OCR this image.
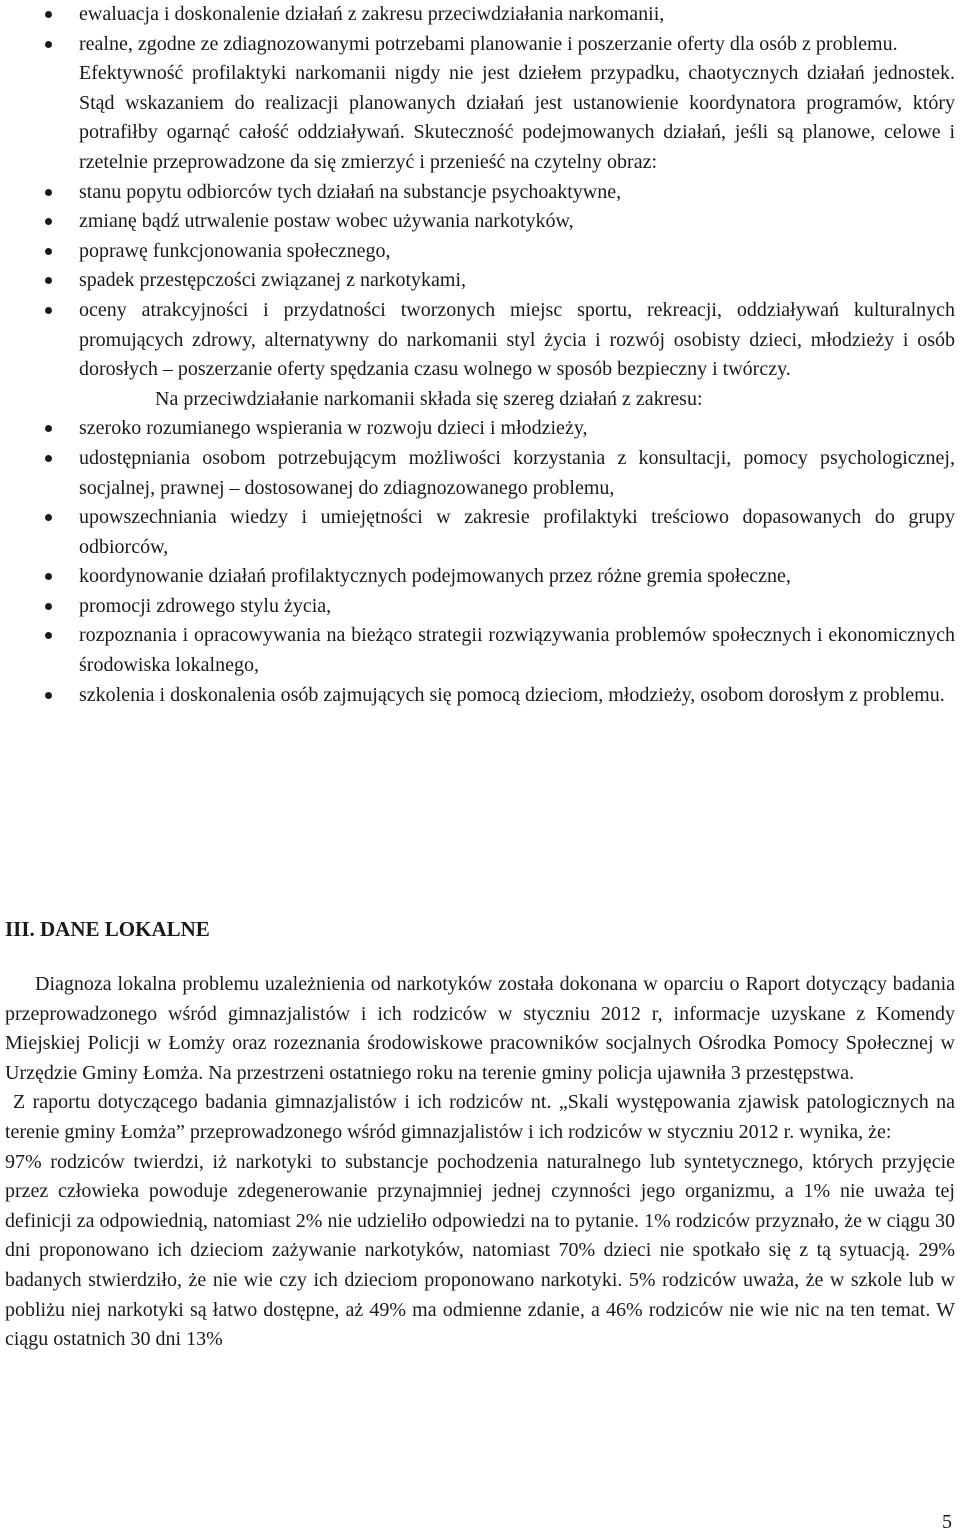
ewaluacja i doskonalenie działań z zakresu przeciwdziałania narkomanii,
realne, zgodne ze zdiagnozowanymi potrzebami planowanie i poszerzanie oferty dla osób z problemu.
Efektywność profilaktyki narkomanii nigdy nie jest dziełem przypadku, chaotycznych działań jednostek. Stąd wskazaniem do realizacji planowanych działań jest ustanowienie koordynatora programów, który potrafiłby ogarnąć całość oddziaływań. Skuteczność podejmowanych działań, jeśli są planowe, celowe i rzetelnie przeprowadzone da się zmierzyć i przenieść na czytelny obraz:
stanu popytu odbiorców tych działań na substancje psychoaktywne,
zmianę bądź utrwalenie postaw wobec używania narkotyków,
poprawę funkcjonowania społecznego,
spadek przestępczości związanej z narkotykami,
oceny atrakcyjności i przydatności tworzonych miejsc sportu, rekreacji, oddziaływań kulturalnych promujących zdrowy, alternatywny do narkomanii styl życia i rozwój osobisty dzieci, młodzieży i osób dorosłych – poszerzanie oferty spędzania czasu wolnego w sposób bezpieczny i twórczy.
Na przeciwdziałanie narkomanii składa się szereg działań z zakresu:
szeroko rozumianego wspierania w rozwoju dzieci i młodzieży,
udostępniania osobom potrzebującym możliwości korzystania z konsultacji, pomocy psychologicznej, socjalnej, prawnej – dostosowanej do zdiagnozowanego problemu,
upowszechniania wiedzy i umiejętności w zakresie profilaktyki treściowo dopasowanych do grupy odbiorców,
koordynowanie działań profilaktycznych podejmowanych przez różne gremia społeczne,
promocji zdrowego stylu życia,
rozpoznania i opracowywania na bieżąco strategii rozwiązywania problemów społecznych i ekonomicznych środowiska lokalnego,
szkolenia i doskonalenia osób zajmujących się pomocą dzieciom, młodzieży, osobom dorosłym z problemu.
III. DANE LOKALNE
Diagnoza lokalna problemu uzależnienia od narkotyków została dokonana w oparciu o Raport dotyczący badania przeprowadzonego wśród gimnazjalistów i ich rodziców w styczniu 2012 r, informacje uzyskane z Komendy Miejskiej Policji w Łomży oraz rozeznania środowiskowe pracowników socjalnych Ośrodka Pomocy Społecznej w Urzędzie Gminy Łomża. Na przestrzeni ostatniego roku na terenie gminy policja ujawniła 3 przestępstwa.
Z raportu dotyczącego badania gimnazjalistów i ich rodziców nt. „Skali występowania zjawisk patologicznych na terenie gminy Łomża” przeprowadzonego wśród gimnazjalistów i ich rodziców w styczniu 2012 r. wynika, że:
97% rodziców twierdzi, iż narkotyki to substancje pochodzenia naturalnego lub syntetycznego, których przyjęcie przez człowieka powoduje zdegenerowanie przynajmniej jednej czynności jego organizmu, a 1% nie uważa tej definicji za odpowiednią, natomiast 2% nie udzieliło odpowiedzi na to pytanie. 1% rodziców przyznało, że w ciągu 30 dni proponowano ich dzieciom zażywanie narkotyków, natomiast 70% dzieci nie spotkało się z tą sytuacją. 29% badanych stwierdziło, że nie wie czy ich dzieciom proponowano narkotyki. 5% rodziców uważa, że w szkole lub w pobliżu niej narkotyki są łatwo dostępne, aż 49% ma odmienne zdanie, a 46% rodziców nie wie nic na ten temat. W ciągu ostatnich 30 dni 13%
5
